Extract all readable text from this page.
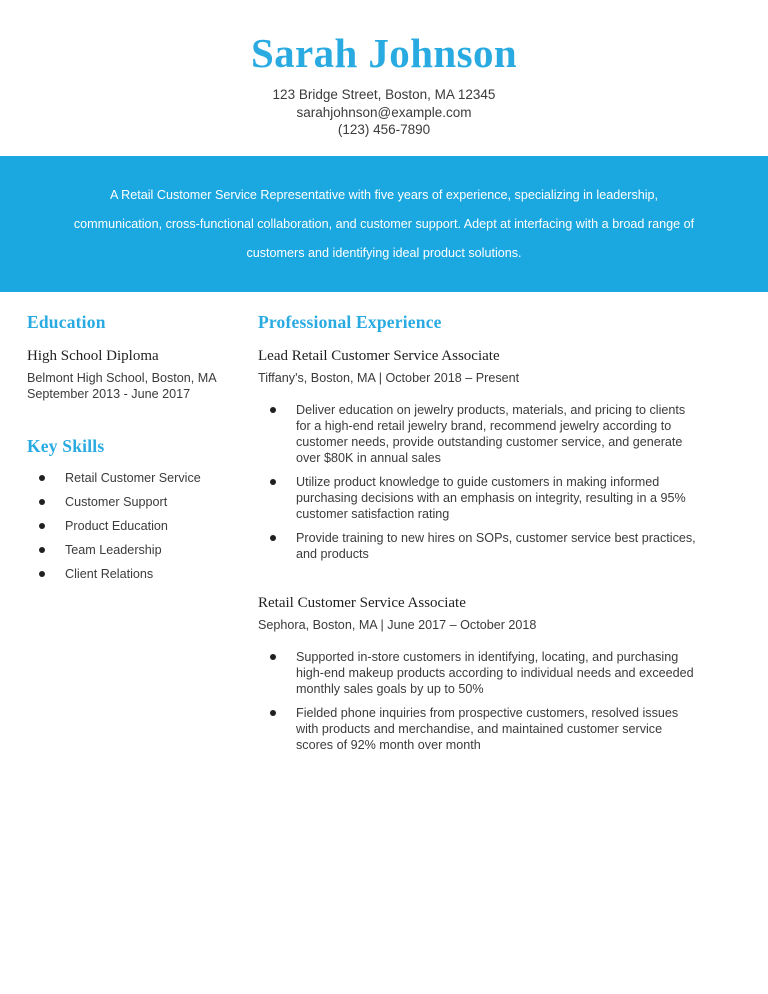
Sarah Johnson
123 Bridge Street, Boston, MA 12345
sarahjohnson@example.com
(123) 456-7890

A Retail Customer Service Representative with five years of experience, specializing in leadership, communication, cross-functional collaboration, and customer support. Adept at interfacing with a broad range of customers and identifying ideal product solutions.

Education
High School Diploma
Belmont High School, Boston, MA
September 2013 - June 2017
Key Skills
Retail Customer Service
Customer Support
Product Education
Team Leadership
Client Relations
Professional Experience
Lead Retail Customer Service Associate
Tiffany's, Boston, MA | October 2018 – Present
Deliver education on jewelry products, materials, and pricing to clients for a high-end retail jewelry brand, recommend jewelry according to customer needs, provide outstanding customer service, and generate over $80K in annual sales
Utilize product knowledge to guide customers in making informed purchasing decisions with an emphasis on integrity, resulting in a 95% customer satisfaction rating
Provide training to new hires on SOPs, customer service best practices, and products
Retail Customer Service Associate
Sephora, Boston, MA | June 2017 – October 2018
Supported in-store customers in identifying, locating, and purchasing high-end makeup products according to individual needs and exceeded monthly sales goals by up to 50%
Fielded phone inquiries from prospective customers, resolved issues with products and merchandise, and maintained customer service scores of 92% month over month
